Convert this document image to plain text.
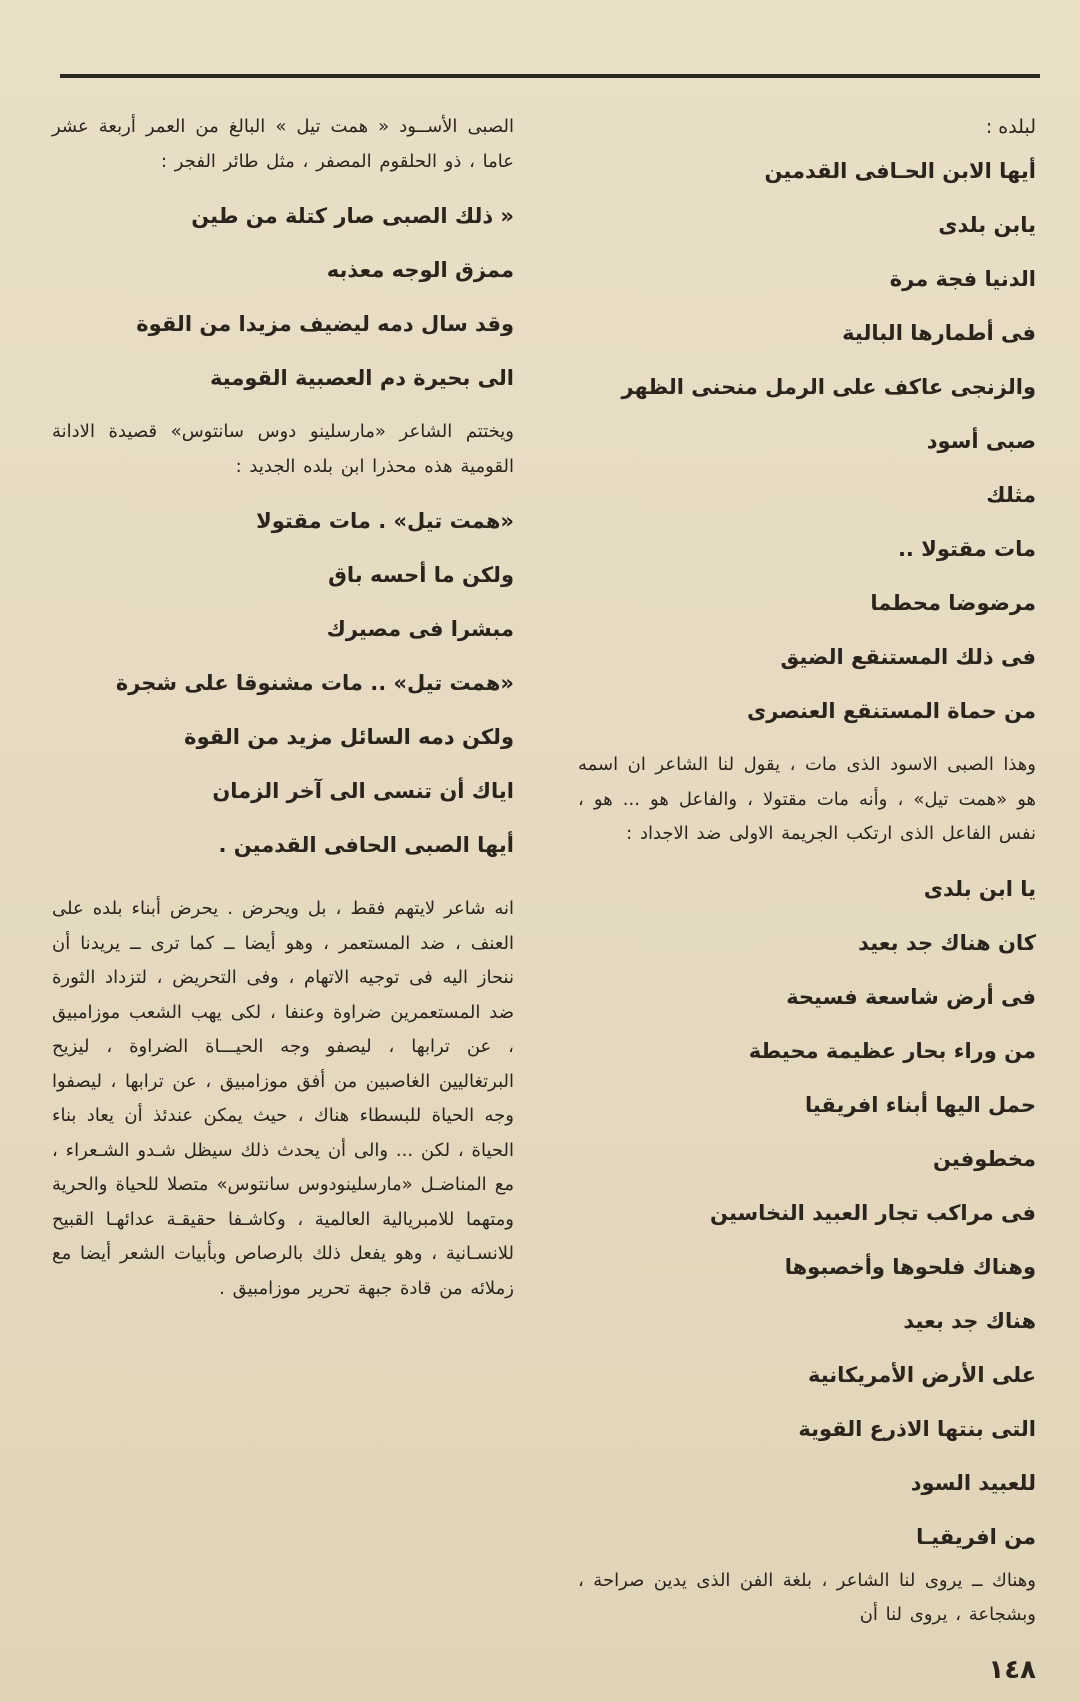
لبلده :
أيها الابن الحـافى القدمين
يابن بلدى
الدنيا فجة مرة
فى أطمارها البالية
والزنجى عاكف على الرمل منحنى الظهر
صبى أسود
مثلك
مات مقتولا ..
مرضوضا محطما
فى ذلك المستنقع الضيق
من حماة المستنقع العنصرى
وهذا الصبى الاسود الذى مات ، يقول لنا الشاعر ان اسمه هو «همت تيل» ، وأنه مات مقتولا ، والفاعل هو ... هو ، نفس الفاعل الذى ارتكب الجريمة الاولى ضد الاجداد :
يا ابن بلدى
كان هناك جد بعيد
فى أرض شاسعة فسيحة
من وراء بحار عظيمة محيطة
حمل اليها أبناء افريقيا
مخطوفين
فى مراكب تجار العبيد النخاسين
وهناك فلحوها وأخصبوها
هناك جد بعيد
على الأرض الأمريكانية
التى بنتها الاذرع القوية
للعبيد السود
من افريقيـا
وهناك ــ يروى لنا الشاعر ، بلغة الفن الذى يدين صراحة ، وبشجاعة ، يروى لنا أن
الصبى الأســود « همت تيل » البالغ من العمر أربعة عشر عاما ، ذو الحلقوم المصفر ، مثل طائر الفجر :
« ذلك الصبى صار كتلة من طين
ممزق الوجه معذبه
وقد سال دمه ليضيف مزيدا من القوة
الى بحيرة دم العصبية القومية
ويختتم الشاعر «مارسلينو دوس سانتوس» قصيدة الادانة القومية هذه محذرا ابن بلده الجديد :
«همت تيل» . مات مقتولا
ولكن ما أحسه باق
مبشرا فى مصيرك
«همت تيل» .. مات مشنوقا على شجرة
ولكن دمه السائل مزيد من القوة
اياك أن تنسى الى آخر الزمان
أيها الصبى الحافى القدمين .
انه شاعر لايتهم فقط ، بل ويحرض . يحرض أبناء بلده على العنف ، ضد المستعمر ، وهو أيضا ــ كما ترى ــ يريدنا أن ننحاز اليه فى توجيه الاتهام ، وفى التحريض ، لتزداد الثورة ضد المستعمرين ضراوة وعنفا ، لكى يهب الشعب موزامبيق ، عن ترابها ، ليصفو وجه الحيـــاة الضراوة ، ليزيح البرتغاليين الغاصبين من أفق موزامبيق ، عن ترابها ، ليصفوا وجه الحياة للبسطاء هناك ، حيث يمكن عندئذ أن يعاد بناء الحياة ، لكن ... والى أن يحدث ذلك سيظل شـدو الشـعراء ، مع المناضـل «مارسلينودوس سانتوس» متصلا للحياة والحرية ومتهما للامبريالية العالمية ، وكاشـفا حقيقـة عدائهـا القبيح للانسـانية ، وهو يفعل ذلك بالرصاص وبأبيات الشعر أيضا مع زملائه من قادة جبهة تحرير موزامبيق .
١٤٨
